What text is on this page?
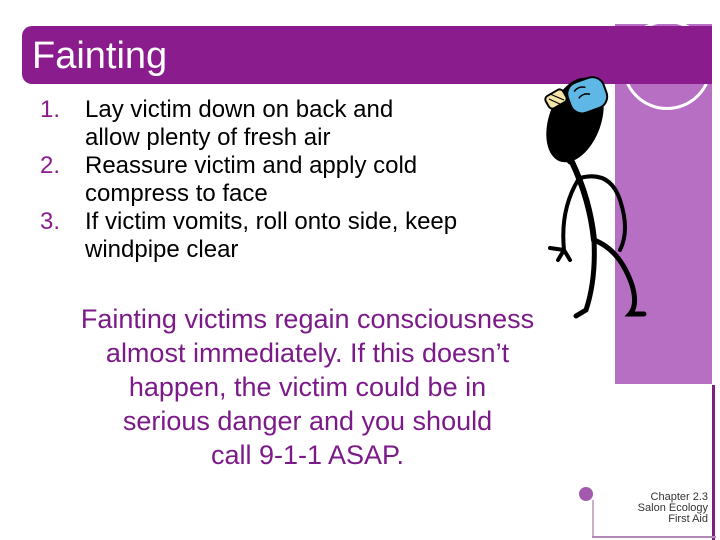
Fainting
1.	Lay victim down on back and
allow plenty of fresh air
2.	Reassure victim and apply cold
compress to face
3.	If victim vomits, roll onto side, keep
windpipe clear
Fainting victims regain consciousness
almost immediately. If this doesn’t
happen, the victim could be in
serious danger and you should
call 9-1-1 ASAP.
Chapter 2.3
Salon Ecology
First Aid
